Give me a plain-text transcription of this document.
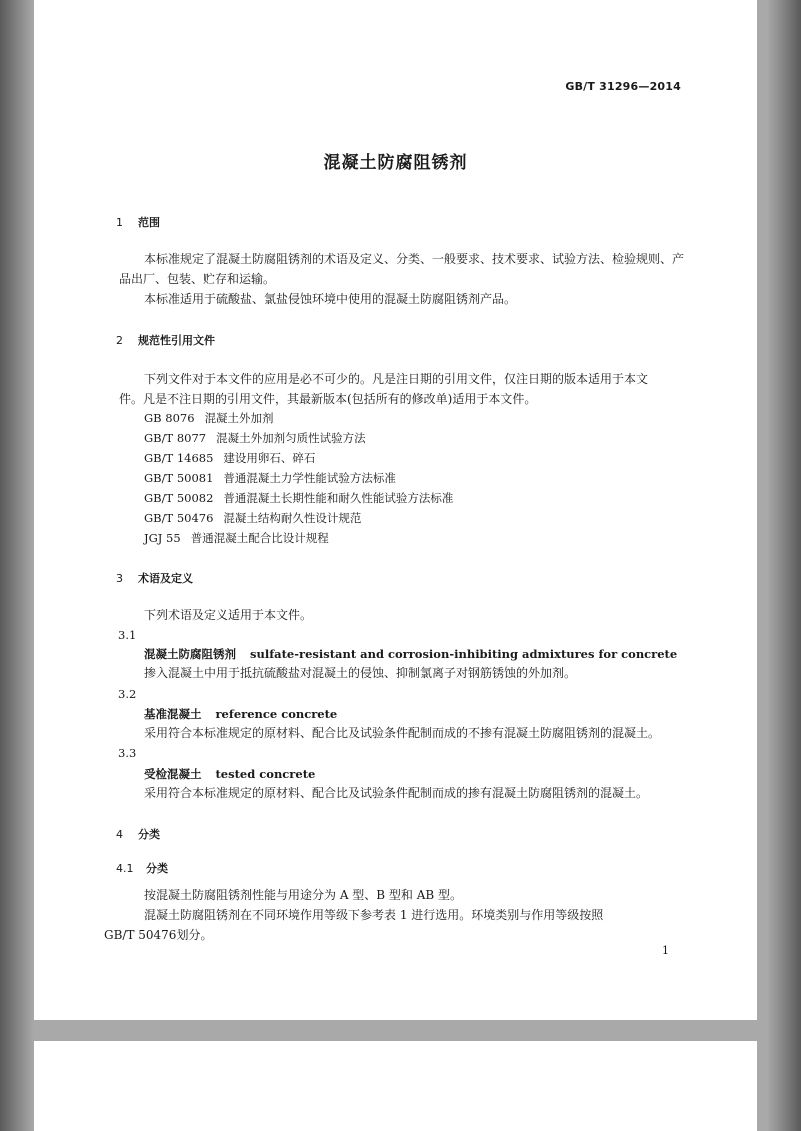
GB/T 31296—2014
混凝土防腐阻锈剂
1 范围
本标准规定了混凝土防腐阻锈剂的术语及定义、分类、一般要求、技术要求、试验方法、检验规则、产
品出厂、包装、贮存和运输。
本标准适用于硫酸盐、氯盐侵蚀环境中使用的混凝土防腐阻锈剂产品。
2 规范性引用文件
下列文件对于本文件的应用是必不可少的。凡是注日期的引用文件，仅注日期的版本适用于本文
件。凡是不注日期的引用文件，其最新版本(包括所有的修改单)适用于本文件。
GB 8076 混凝土外加剂
GB/T 8077 混凝土外加剂匀质性试验方法
GB/T 14685 建设用卵石、碎石
GB/T 50081 普通混凝土力学性能试验方法标准
GB/T 50082 普通混凝土长期性能和耐久性能试验方法标准
GB/T 50476 混凝土结构耐久性设计规范
JGJ 55 普通混凝土配合比设计规程
3 术语及定义
下列术语及定义适用于本文件。
3.1
混凝土防腐阻锈剂 sulfate-resistant and corrosion-inhibiting admixtures for concrete
掺入混凝土中用于抵抗硫酸盐对混凝土的侵蚀、抑制氯离子对钢筋锈蚀的外加剂。
3.2
基准混凝土 reference concrete
采用符合本标准规定的原材料、配合比及试验条件配制而成的不掺有混凝土防腐阻锈剂的混凝土。
3.3
受检混凝土 tested concrete
采用符合本标准规定的原材料、配合比及试验条件配制而成的掺有混凝土防腐阻锈剂的混凝土。
4 分类
4.1 分类
按混凝土防腐阻锈剂性能与用途分为 A 型、B 型和 AB 型。
混凝土防腐阻锈剂在不同环境作用等级下参考表 1 进行选用。环境类别与作用等级按照
GB/T 50476划分。
1
